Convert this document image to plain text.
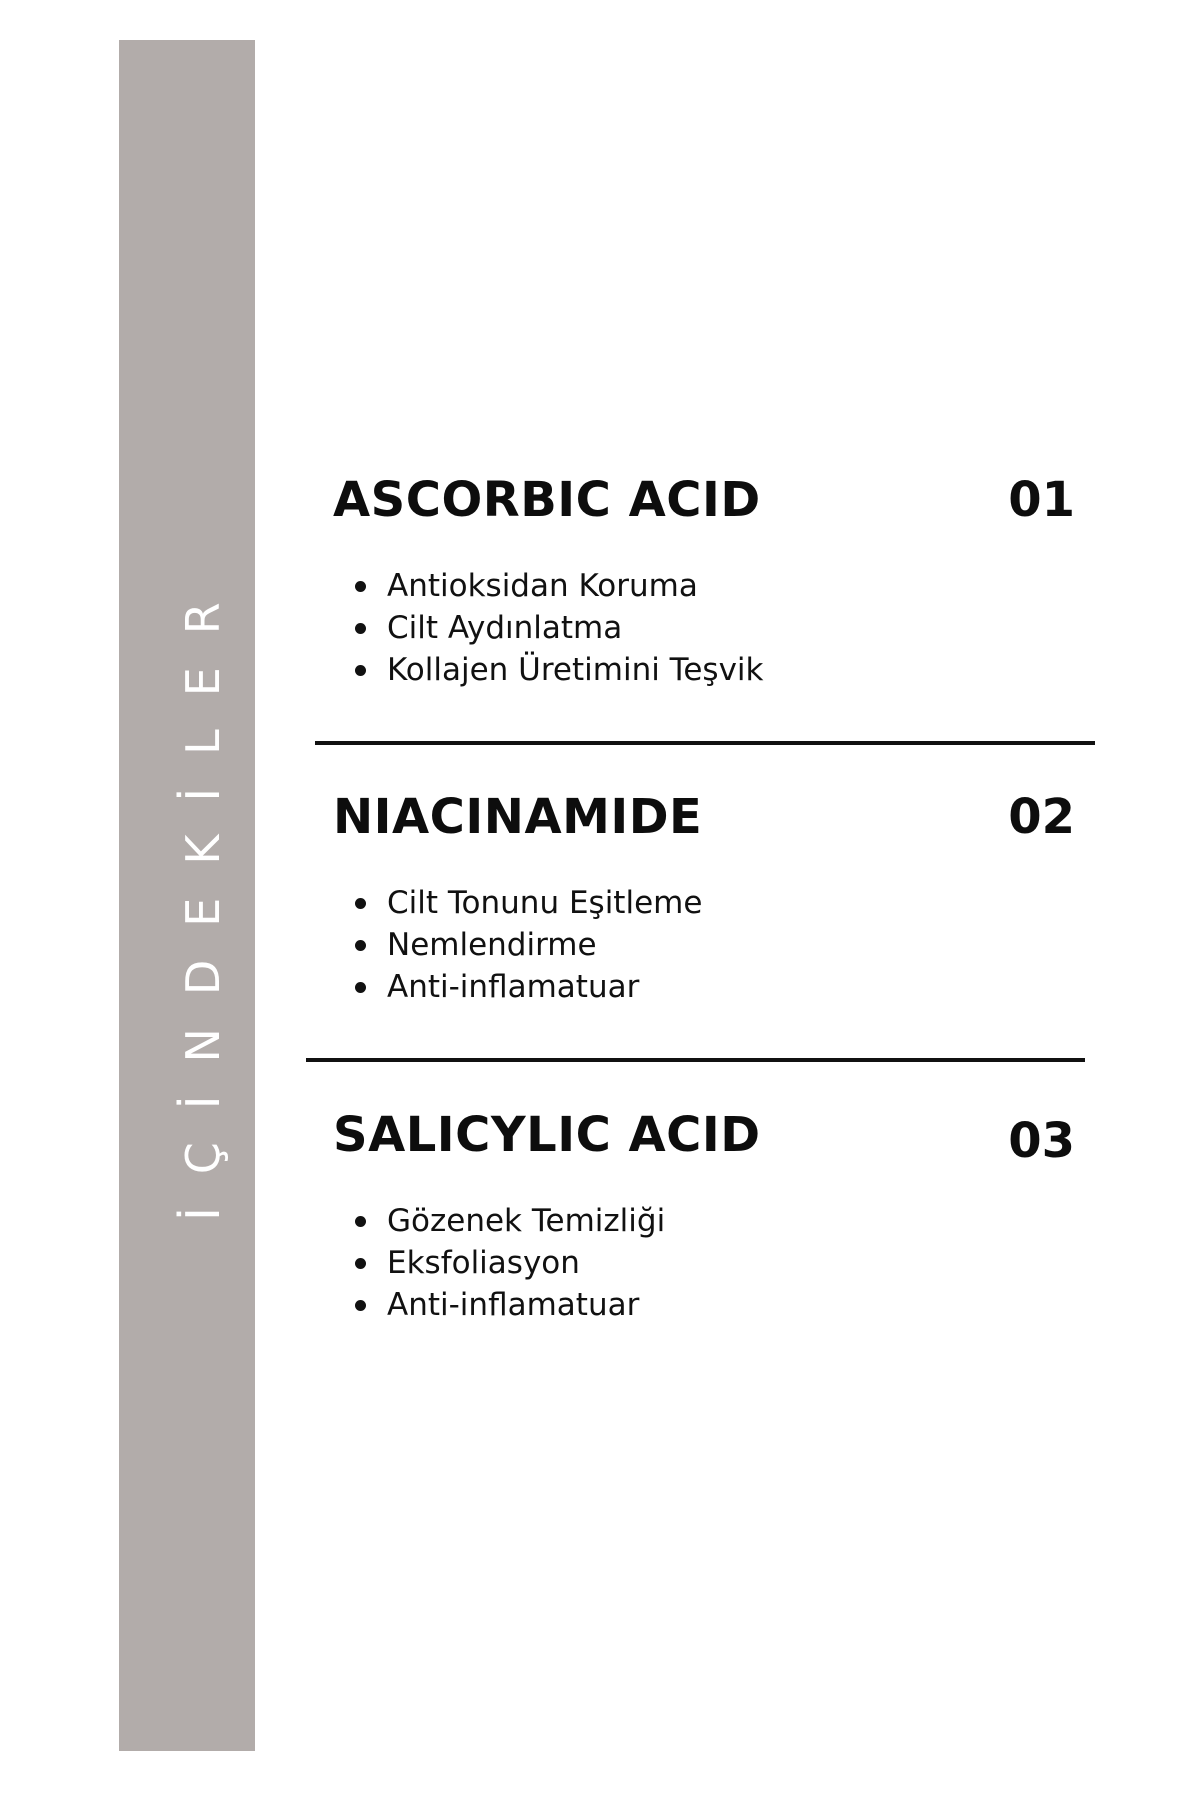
İÇİNDEKİLER
ASCORBIC ACID	01
Antioksidan Koruma
Cilt Aydınlatma
Kollajen Üretimini Teşvik
NIACINAMIDE	02
Cilt Tonunu Eşitleme
Nemlendirme
Anti-inflamatuar
SALICYLIC ACID	03
Gözenek Temizliği
Eksfoliasyon
Anti-inflamatuar
